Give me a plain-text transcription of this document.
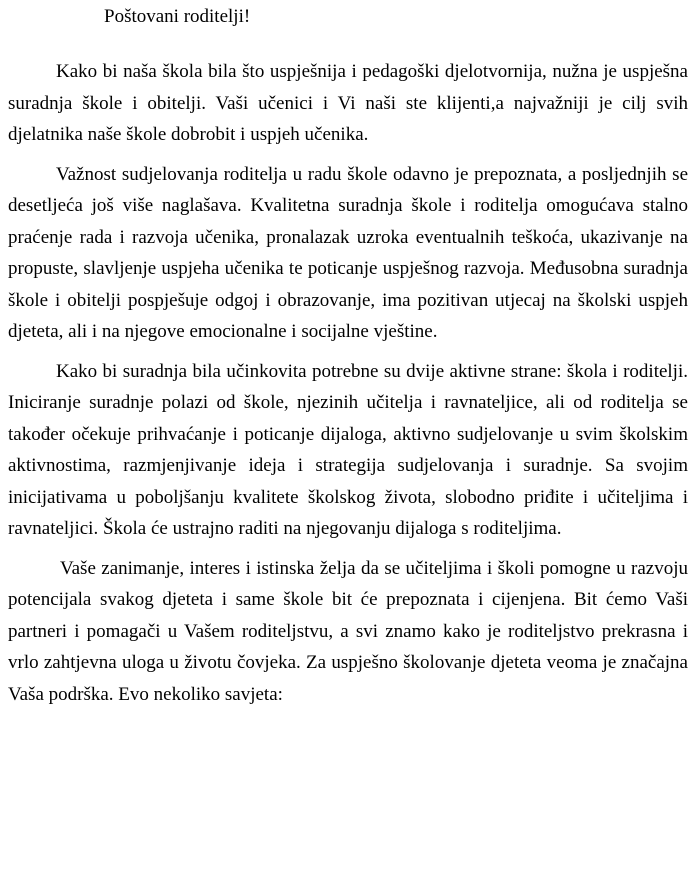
Poštovani roditelji!

Kako bi naša škola bila što uspješnija i pedagoški djelotvornija, nužna je uspješna suradnja škole i obitelji. Vaši učenici i Vi naši ste klijenti,a najvažniji je cilj svih djelatnika naše škole dobrobit i uspjeh učenika.

Važnost sudjelovanja roditelja u radu škole odavno je prepoznata, a posljednjih se desetljeća još više naglašava. Kvalitetna suradnja škole i roditelja omogućava stalno praćenje rada i razvoja učenika, pronalazak uzroka eventualnih teškoća, ukazivanje na propuste, slavljenje uspjeha učenika te poticanje uspješnog razvoja. Međusobna suradnja škole i obitelji pospješuje odgoj i obrazovanje, ima pozitivan utjecaj na školski uspjeh djeteta, ali i na njegove emocionalne i socijalne vještine.

Kako bi suradnja bila učinkovita potrebne su dvije aktivne strane: škola i roditelji. Iniciranje suradnje polazi od škole, njezinih učitelja i ravnateljice, ali od roditelja se također očekuje prihvaćanje i poticanje dijaloga, aktivno sudjelovanje u svim školskim aktivnostima, razmjenjivanje ideja i strategija sudjelovanja i suradnje. Sa svojim inicijativama u poboljšanju kvalitete školskog života, slobodno priđite i učiteljima i ravnateljici. Škola će ustrajno raditi na njegovanju dijaloga s roditeljima.

Vaše zanimanje, interes i istinska želja da se učiteljima i školi pomogne u razvoju potencijala svakog djeteta i same škole bit će prepoznata i cijenjena. Bit ćemo Vaši partneri i pomagači u Vašem roditeljstvu, a svi znamo kako je roditeljstvo prekrasna i vrlo zahtjevna uloga u životu čovjeka. Za uspješno školovanje djeteta veoma je značajna Vaša podrška. Evo nekoliko savjeta:
